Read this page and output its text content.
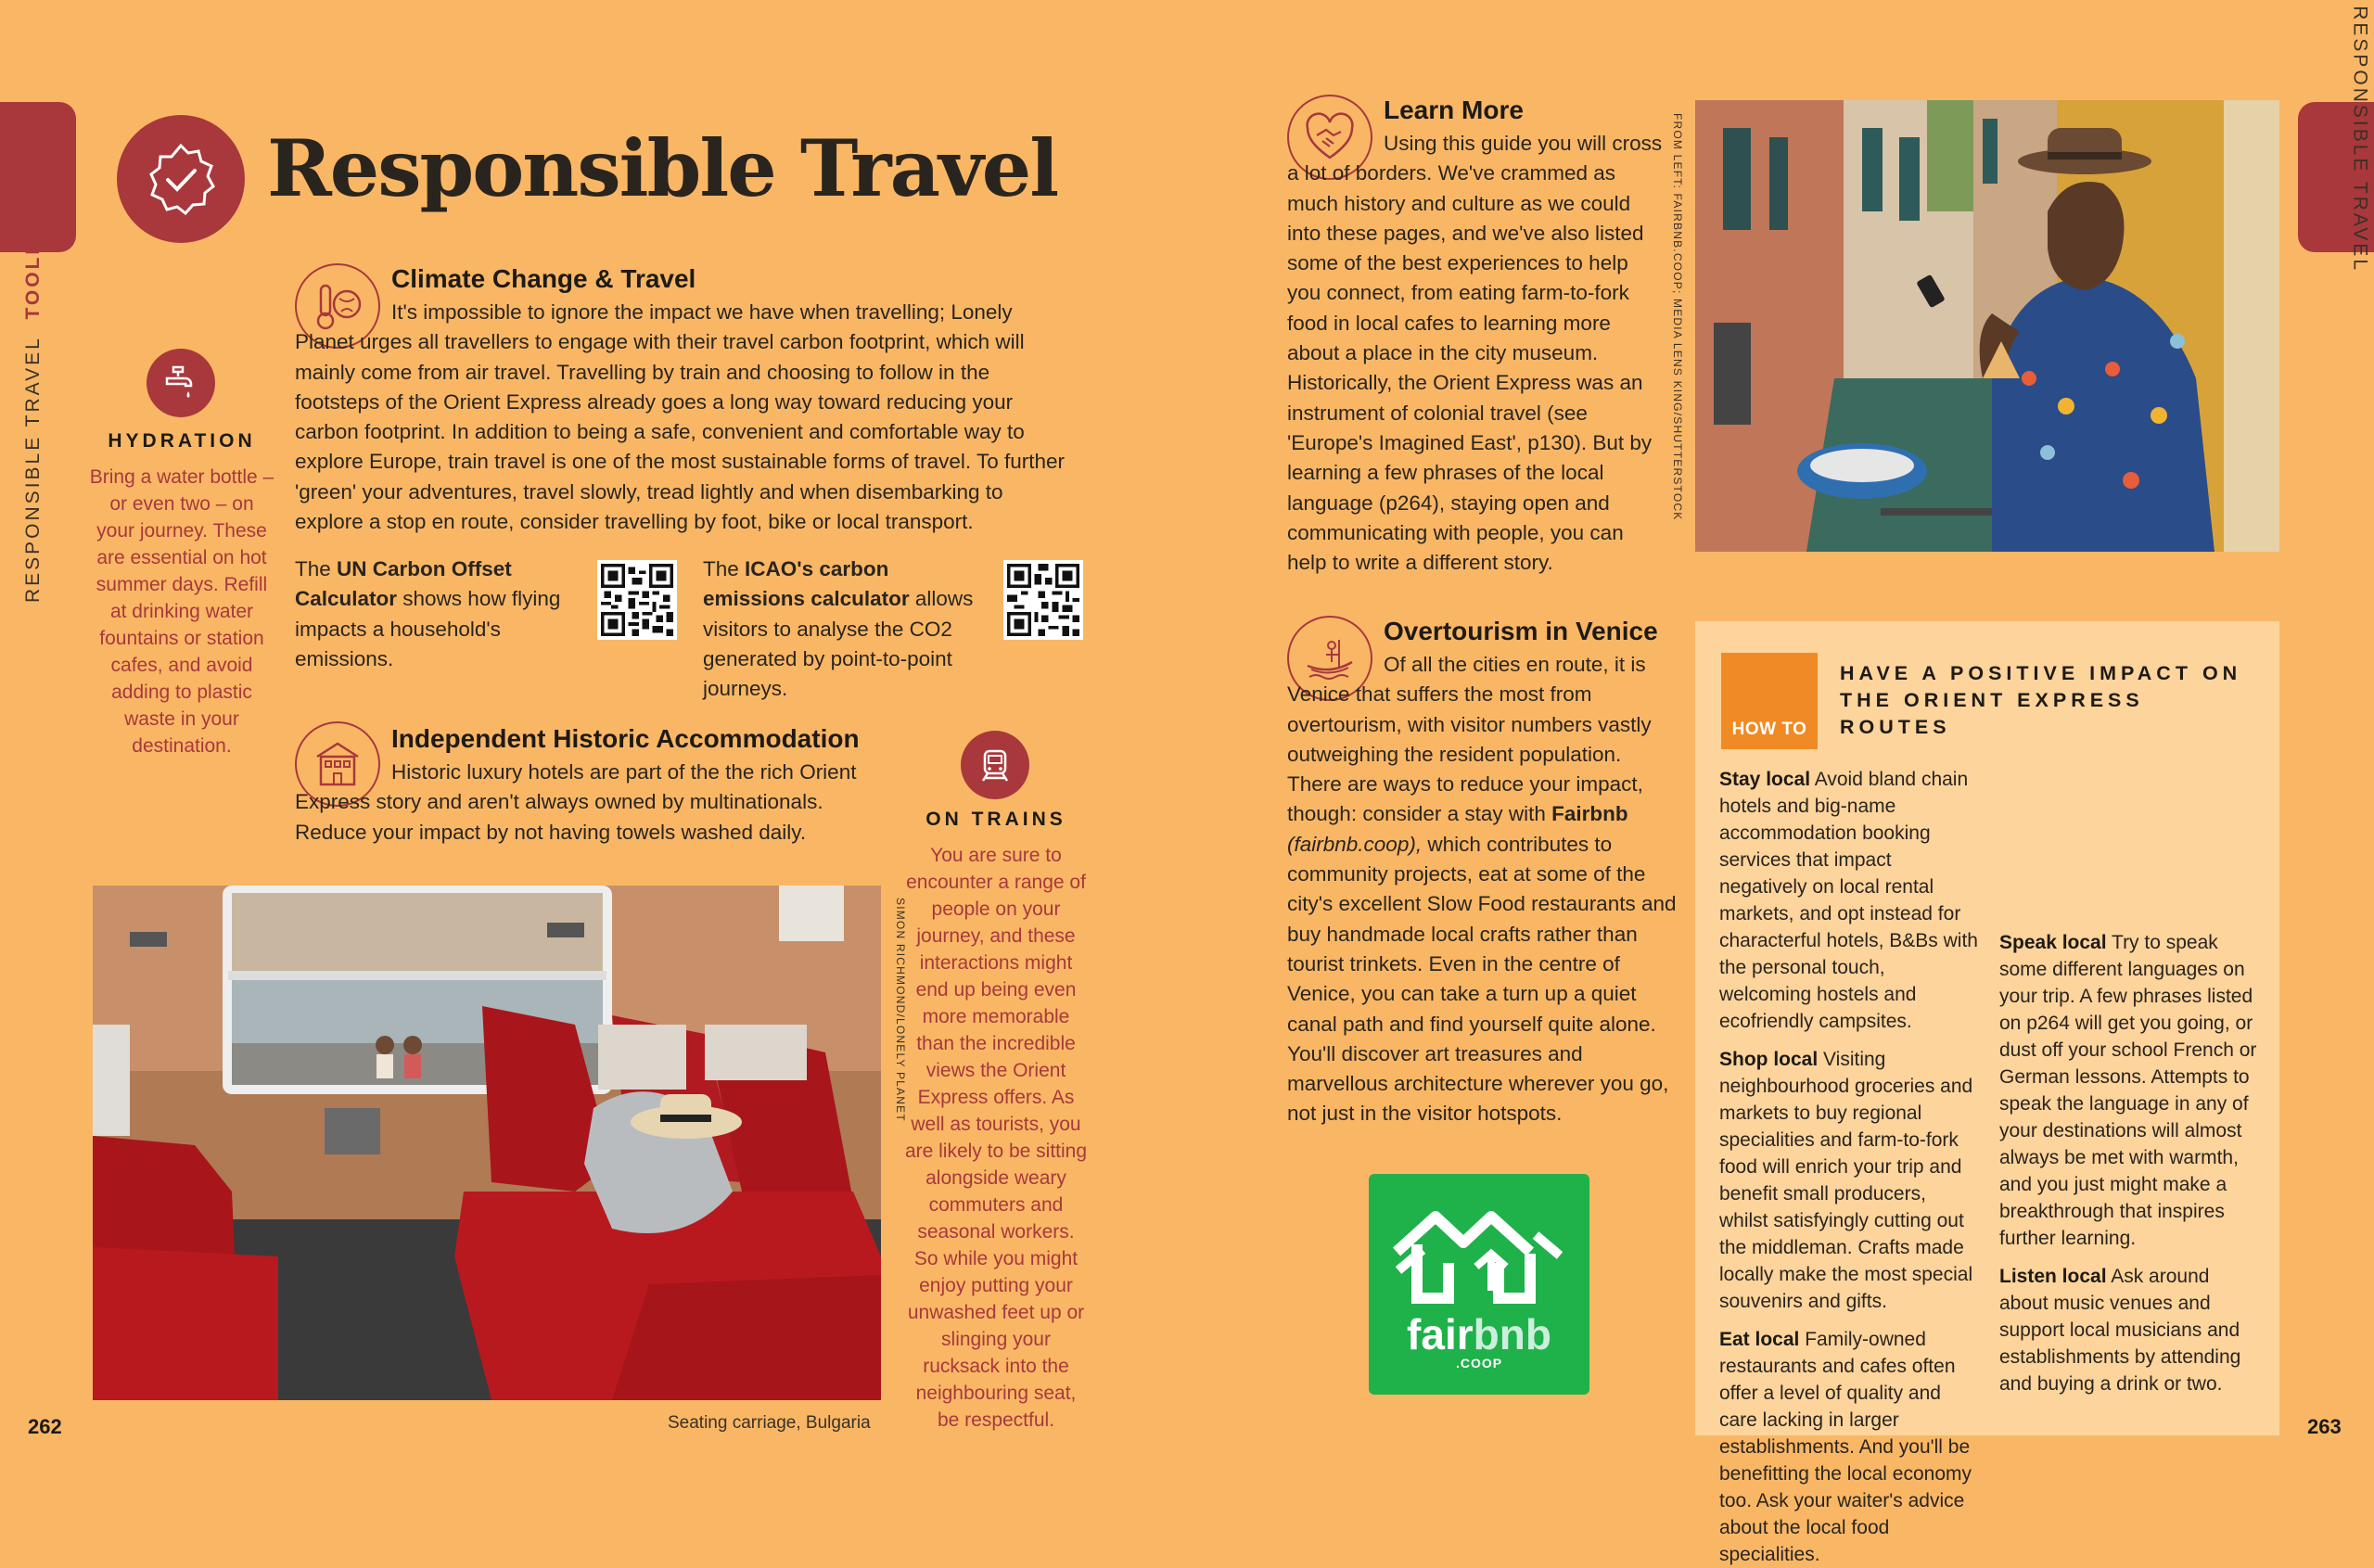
RESPONSIBLE TRAVEL  TOOLKIT	RESPONSIBLE TRAVEL
Responsible Travel
Climate Change & Travel
It's impossible to ignore the impact we have when travelling; Lonely Planet urges all travellers to engage with their travel carbon footprint, which will mainly come from air travel. Travelling by train and choosing to follow in the footsteps of the Orient Express already goes a long way toward reducing your carbon footprint. In addition to being a safe, convenient and comfortable way to explore Europe, train travel is one of the most sustainable forms of travel. To further 'green' your adventures, travel slowly, tread lightly and when disembarking to explore a stop en route, consider travelling by foot, bike or local transport.
The UN Carbon Offset Calculator shows how flying impacts a household's emissions.
The ICAO's carbon emissions calculator allows visitors to analyse the CO2 generated by point-to-point journeys.
HYDRATION
Bring a water bottle – or even two – on your journey. These are essential on hot summer days. Refill at drinking water fountains or station cafes, and avoid adding to plastic waste in your destination.	Independent Historic Accommodation
Historic luxury hotels are part of the the rich Orient Express story and aren't always owned by multinationals. Reduce your impact by not having towels washed daily.
ON TRAINS
You are sure to encounter a range of people on your journey, and these interactions might end up being even more memorable than the incredible views the Orient Express offers. As well as tourists, you are likely to be sitting alongside weary commuters and seasonal workers. So while you might enjoy putting your unwashed feet up or slinging your rucksack into the neighbouring seat, be respectful.
Seating carriage, Bulgaria
SIMON RICHMOND/LONELY PLANET
Learn More
Using this guide you will cross a lot of borders. We've crammed as much history and culture as we could into these pages, and we've also listed some of the best experiences to help you connect, from eating farm-to-fork food in local cafes to learning more about a place in the city museum. Historically, the Orient Express was an instrument of colonial travel (see 'Europe's Imagined East', p130). But by learning a few phrases of the local language (p264), staying open and communicating with people, you can help to write a different story.
FROM LEFT: FAIRBNB.COOP; MEDIA LENS KING/SHUTTERSTOCK
Overtourism in Venice
Of all the cities en route, it is Venice that suffers the most from overtourism, with visitor numbers vastly outweighing the resident population. There are ways to reduce your impact, though: consider a stay with Fairbnb (fairbnb.coop), which contributes to community projects, eat at some of the city's excellent Slow Food restaurants and buy handmade local crafts rather than tourist trinkets. Even in the centre of Venice, you can take a turn up a quiet canal path and find yourself quite alone. You'll discover art treasures and marvellous architecture wherever you go, not just in the visitor hotspots.
fairbnb
.COOP
HOW TO
HAVE A POSITIVE IMPACT ON THE ORIENT EXPRESS ROUTES

Stay local Avoid bland chain hotels and big-name accommodation booking services that impact negatively on local rental markets, and opt instead for characterful hotels, B&Bs with the personal touch, welcoming hostels and ecofriendly campsites.

Shop local Visiting neighbourhood groceries and markets to buy regional specialities and farm-to-fork food will enrich your trip and benefit small producers, whilst satisfyingly cutting out the middleman. Crafts made locally make the most special souvenirs and gifts.

Eat local Family-owned restaurants and cafes often offer a level of quality and care lacking in larger establishments. And you'll be benefitting the local economy too. Ask your waiter's advice about the local food specialities.

Speak local Try to speak some different languages on your trip. A few phrases listed on p264 will get you going, or dust off your school French or German lessons. Attempts to speak the language in any of your destinations will almost always be met with warmth, and you just might make a breakthrough that inspires further learning.

Listen local Ask around about music venues and support local musicians and establishments by attending and buying a drink or two.

262	263
